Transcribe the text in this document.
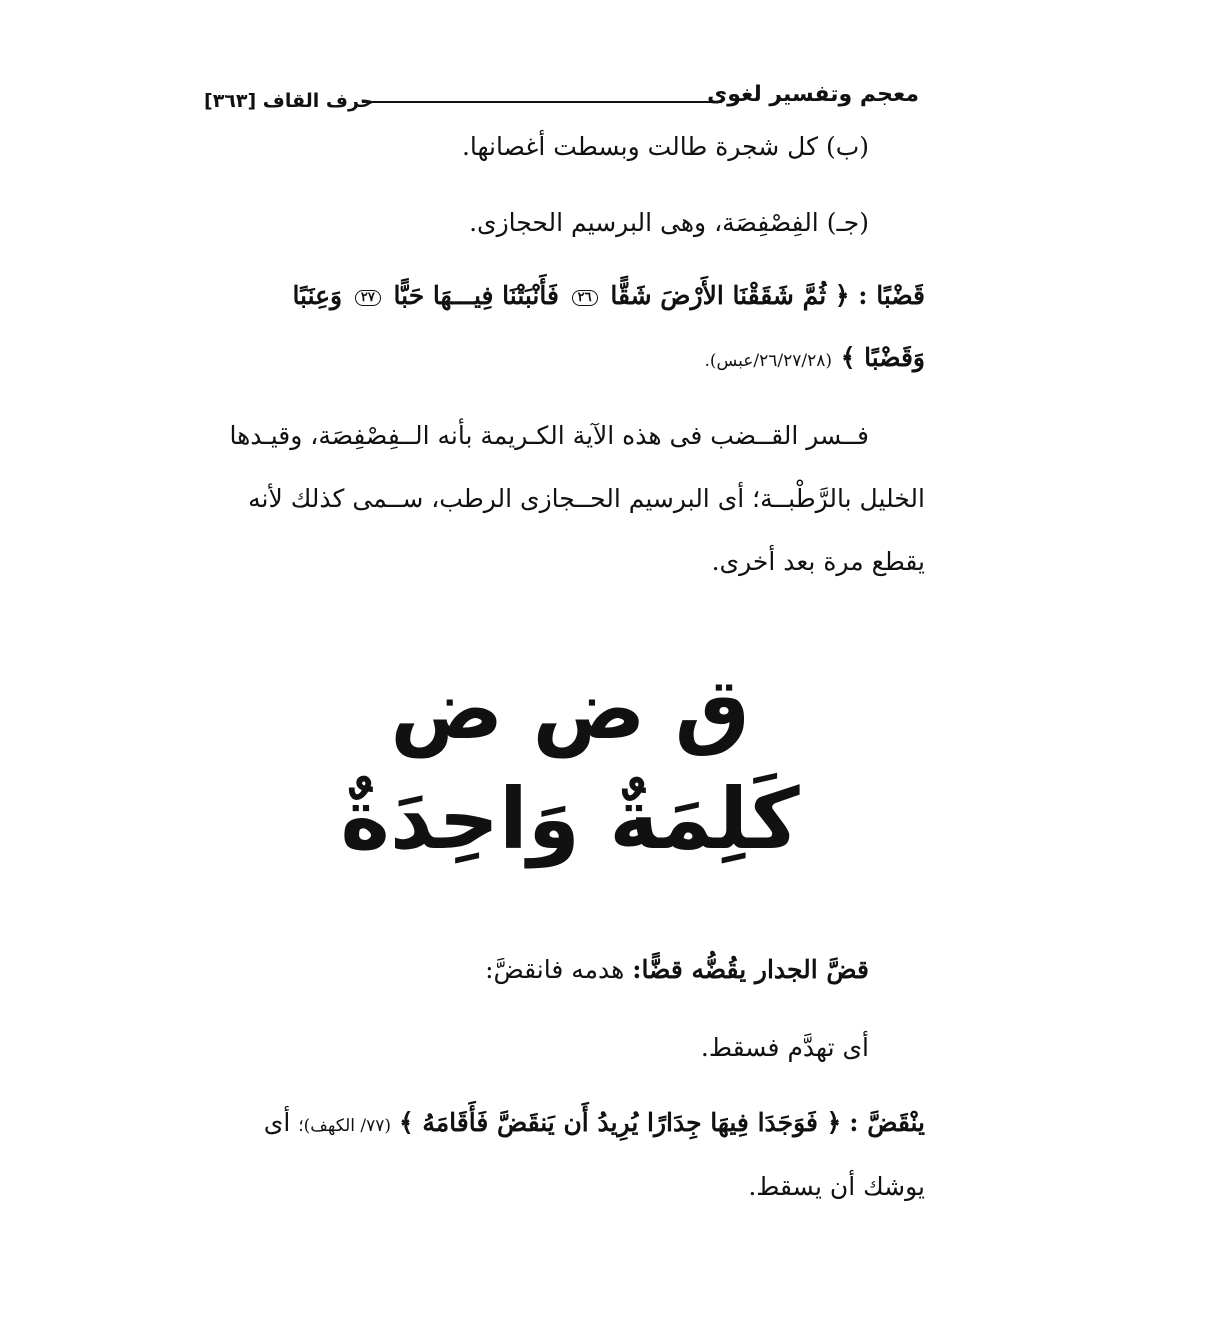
معجم وتفسير لغوى
حرف القاف [٣٦٣]
(ب) كل شجرة طالت وبسطت أغصانها.
(جـ) الفِصْفِصَة، وهى البرسيم الحجازى.
قَضْبًا : ﴿ ثُمَّ شَقَقْنَا الأَرْضَ شَقًّا ٢٦ فَأَنْبَتْنَا فِيـــهَا حَبًّا ٢٧ وَعِنَبًا
وَقَضْبًا ﴾ (٢٦/٢٧/٢٨/عبس).
فــسر القــضب فى هذه الآية الكـريمة بأنه الــفِصْفِصَة، وقيـدها
الخليل بالرَّطْبــة؛ أى البرسيم الحــجازى الرطب، ســمى كذلك لأنه
يقطع مرة بعد أخرى.
ق ض ض
كَلِمَةٌ وَاحِدَةٌ
قضَّ الجدار يقُضُّه قضًّا: هدمه فانقضَّ:
أى تهدَّم فسقط.
ينْقَضَّ : ﴿ فَوَجَدَا فِيهَا جِدَارًا يُرِيدُ أَن يَنقَضَّ فَأَقَامَهُ ﴾ (٧٧/ الكهف)؛ أى
يوشك أن يسقط.
